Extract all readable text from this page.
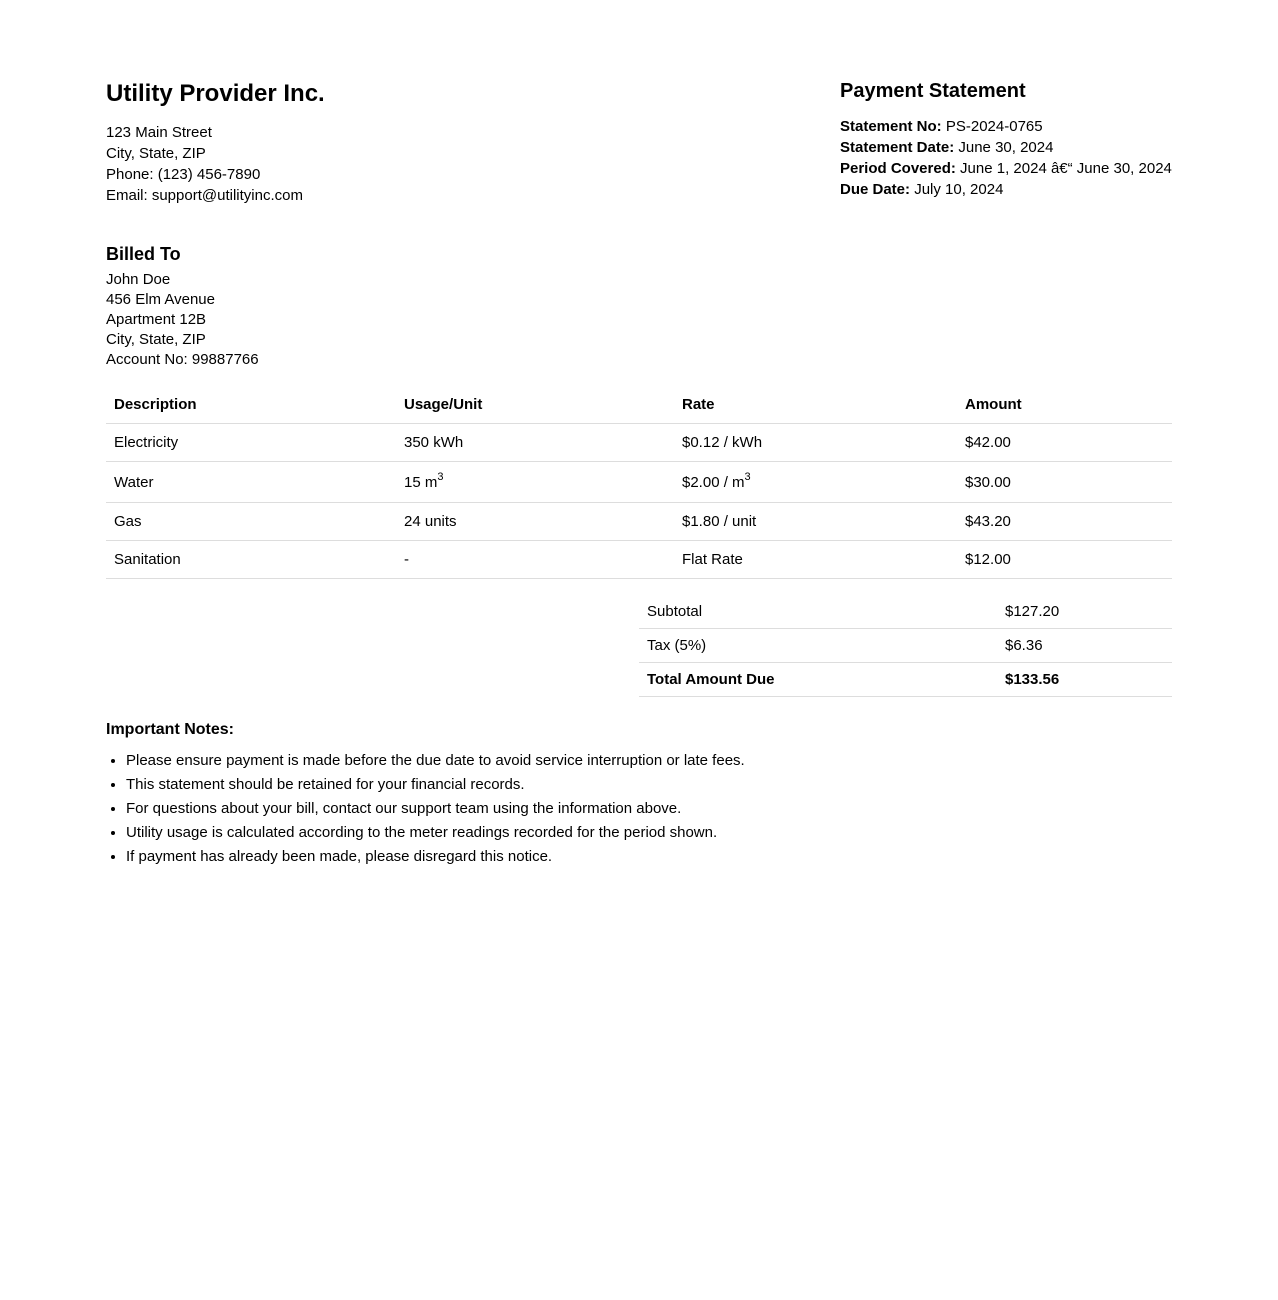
Utility Provider Inc.
123 Main Street
City, State, ZIP
Phone: (123) 456-7890
Email: support@utilityinc.com
Payment Statement
Statement No: PS-2024-0765
Statement Date: June 30, 2024
Period Covered: June 1, 2024 â€“ June 30, 2024
Due Date: July 10, 2024
Billed To
John Doe
456 Elm Avenue
Apartment 12B
City, State, ZIP
Account No: 99887766
Description	Usage/Unit	Rate	Amount
Electricity	350 kWh	$0.12 / kWh	$42.00
Water	15 $m^3$	$2.00 / $m^3$	$30.00
Gas	24 units	$1.80 / unit	$43.20
Sanitation	-	Flat Rate	$12.00
Subtotal	$127.20
Tax (5%)	$6.36
Total Amount Due	$133.56
Important Notes:
• Please ensure payment is made before the due date to avoid service interruption or late fees.
• This statement should be retained for your financial records.
• For questions about your bill, contact our support team using the information above.
• Utility usage is calculated according to the meter readings recorded for the period shown.
• If payment has already been made, please disregard this notice.
